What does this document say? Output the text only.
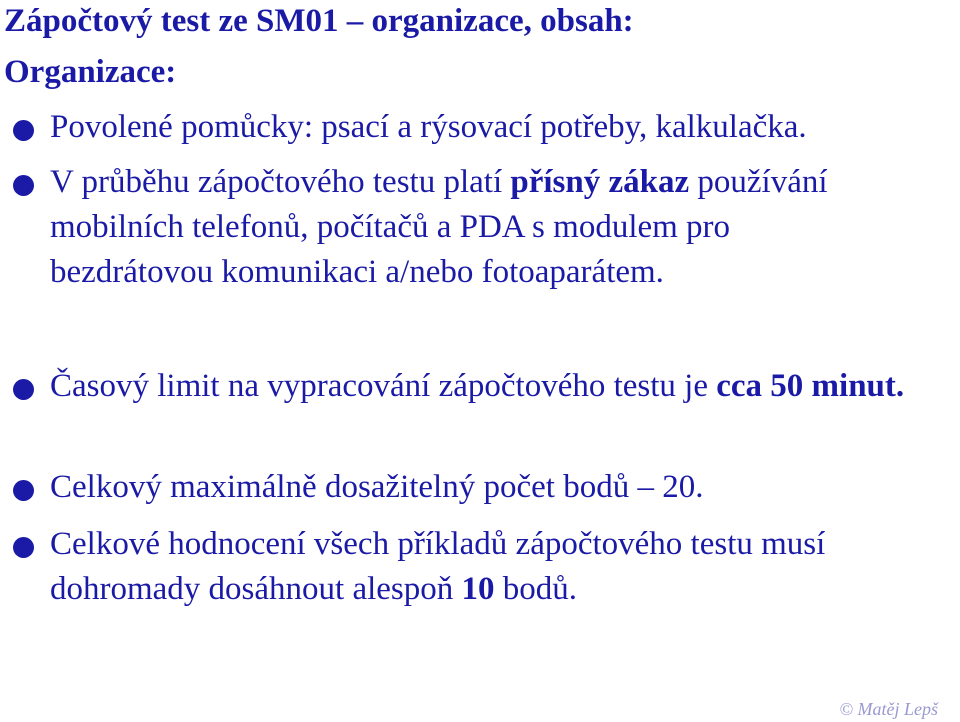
Zápočtový test ze SM01 – organizace, obsah:
Organizace:

Povolené pomůcky: psací a rýsovací potřeby, kalkulačka.

V průběhu zápočtového testu platí přísný zákaz používání
mobilních telefonů, počítačů a PDA s modulem pro
bezdrátovou komunikaci a/nebo fotoaparátem.

Časový limit na vypracování zápočtového testu je cca 50 minut.

Celkový maximálně dosažitelný počet bodů – 20.

Celkové hodnocení všech příkladů zápočtového testu musí
dohromady dosáhnout alespoň 10 bodů.

© Matěj Lepš
